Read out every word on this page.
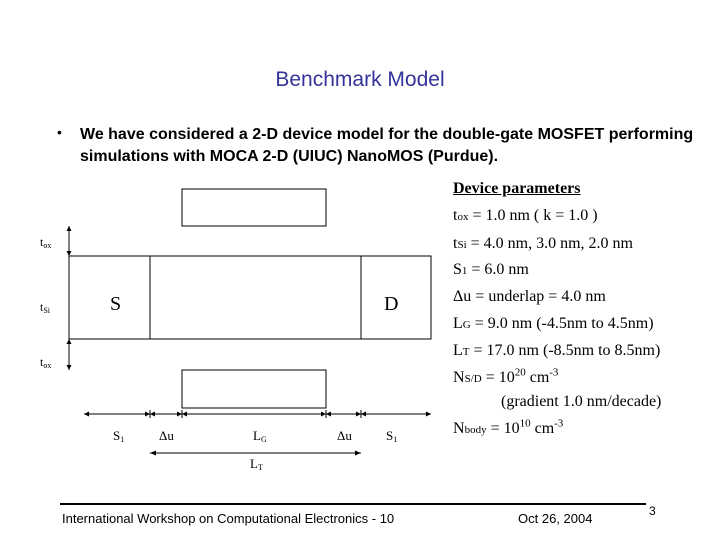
Benchmark Model
• We have considered a 2-D device model for the double-gate MOSFET performing simulations with MOCA 2-D (UIUC) NanoMOS (Purdue).
tox
tSi
tox
S	D
S1	Δu	LG	Δu	S1
LT
Device parameters
tox = 1.0 nm ( k = 1.0 )
tSi = 4.0 nm, 3.0 nm, 2.0 nm
S1 = 6.0 nm
Δu = underlap = 4.0 nm
LG = 9.0 nm (-4.5nm to 4.5nm)
LT = 17.0 nm (-8.5nm to 8.5nm)
$NS/D = 10^{20}$ $cm^{-3}$
(gradient 1.0 nm/decade)
Nbody = $10^{10}$ $cm^{-3}$
International Workshop on Computational Electronics - 10	Oct 26, 2004	3
